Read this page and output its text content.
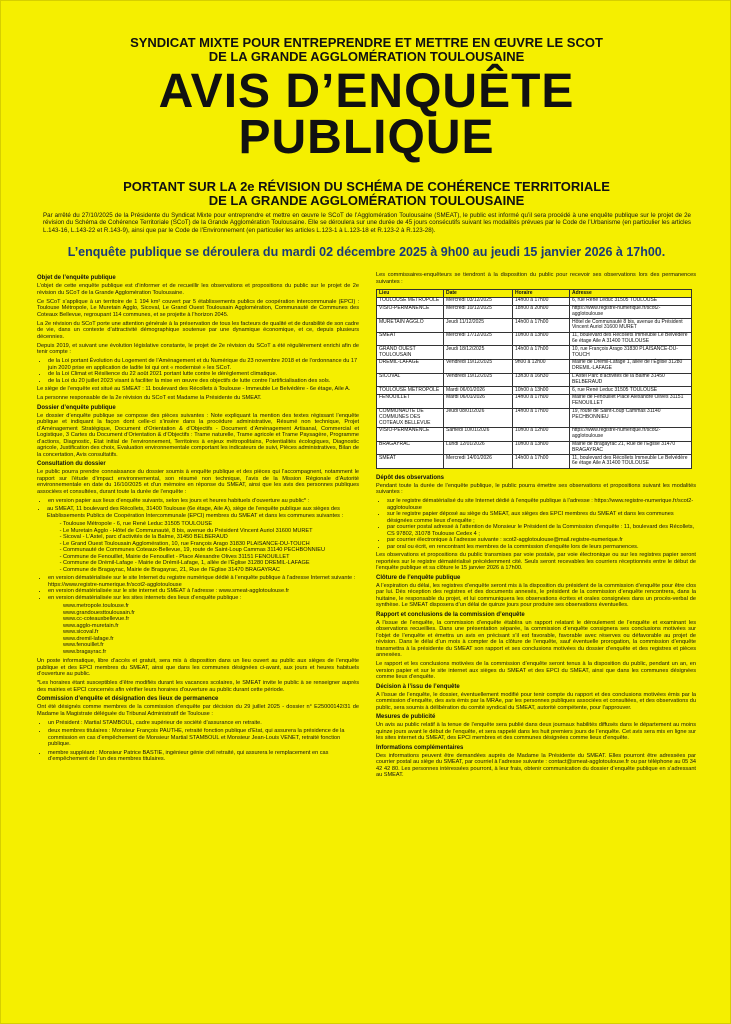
SYNDICAT MIXTE POUR ENTREPRENDRE ET METTRE EN ŒUVRE LE SCOT
DE LA GRANDE AGGLOMÉRATION TOULOUSAINE
AVIS D’ENQUÊTE
PUBLIQUE
PORTANT SUR LA 2e RÉVISION DU SCHÉMA DE COHÉRENCE TERRITORIALE
DE LA GRANDE AGGLOMÉRATION TOULOUSAINE

Par arrêté du 27/10/2025 de la Présidente du Syndicat Mixte pour entreprendre et mettre en œuvre le SCoT de l’Agglomération Toulousaine (SMEAT), le public est informé qu’il sera procédé à une enquête publique sur le projet de 2e révision du Schéma de Cohérence Territoriale (SCoT) de la Grande Agglomération Toulousaine. Elle se déroulera sur une durée de 45 jours consécutifs suivant les modalités prévues par le Code de l’Urbanisme (en particulier les articles L.143-16, L.143-22 et R.143-9), ainsi que par le Code de l’Environnement (en particulier les articles L.123-1 à L.123-18 et R.123-2 à R.123-28).

L’enquête publique se déroulera du mardi 02 décembre 2025 à 9h00 au jeudi 15 janvier 2026 à 17h00.
Objet de l’enquête publique

L’objet de cette enquête publique est d’informer et de recueillir les observations et propositions du public sur le projet de 2e révision du SCoT de la Grande Agglomération Toulousaine.

Ce SCoT s’applique à un territoire de 1 194 km² couvert par 5 établissements publics de coopération intercommunale (EPCI) : Toulouse Métropole, Le Muretain Agglo, Sicoval, Le Grand Ouest Toulousain Agglomération, Communauté de Communes des Coteaux Bellevue, regroupant 114 communes, et se projette à l’horizon 2045.

La 2e révision du SCoT porte une attention générale à la préservation de tous les facteurs de qualité et de durabilité de son cadre de vie, dans un contexte d’attractivité démographique soutenue par une dynamique économique, et ce, depuis plusieurs décennies.

Depuis 2019, et suivant une évolution législative constante, le projet de 2e révision du SCoT a été régulièrement enrichi afin de tenir compte :

• de la Loi portant Évolution du Logement de l’Aménagement et du Numérique du 23 novembre 2018 et de l’ordonnance du 17 juin 2020 prise en application de ladite loi qui ont « modernisé » les SCoT.
• de la Loi Climat et Résilience du 22 août 2021 portant lutte contre le dérèglement climatique.
• de la Loi du 20 juillet 2023 visant à faciliter la mise en œuvre des objectifs de lutte contre l’artificialisation des sols.

Le siège de l’enquête est situé au SMEAT : 11 boulevard des Récollets à Toulouse - Immeuble Le Belvédère - 6e étage, Aile A.

La personne responsable de la 2e révision du SCoT est Madame la Présidente du SMEAT.

Dossier d’enquête publique

Le dossier d’enquête publique se compose des pièces suivantes : Note expliquant la mention des textes régissant l’enquête publique et indiquant la façon dont celle-ci s’insère dans la procédure administrative, Résumé non technique, Projet d’Aménagement Stratégique, Document d’Orientation & d’Objectifs - Document d’Aménagement Artisanal, Commercial et Logistique, 3 Cartes du Document d’Orientation & d’Objectifs : Trame naturelle, Trame agricole et Trame Paysagère, Programme d’actions, Diagnostic, Etat initial de l’environnement, Territoires à enjeux métropolitains, Potentialités écologiques, Diagnostic agricole, Justification des choix, Evaluation environnementale comportant les indicateurs de suivi, Pièces administratives, Bilan de la concertation, Avis consultatifs.

Consultation du dossier

Le public pourra prendre connaissance du dossier soumis à enquête publique et des pièces qui l’accompagnent, notamment le rapport sur l’étude d’impact environnemental, son résumé non technique, l’avis de la Mission Régionale d’Autorité environnementale en date du 16/10/2025 et d’un mémoire en réponse du SMEAT, ainsi que les avis des personnes publiques associées et consultées, durant toute la durée de l’enquête :

• en version papier aux lieux d’enquête suivants, selon les jours et heures habituels d’ouverture au public* :
• au SMEAT, 11 boulevard des Récollets, 31400 Toulouse (6e étage, Aile A), siège de l’enquête publique aux sièges des Etablissements Publics de Coopération Intercommunale (EPCI) membres du SMEAT et dans les communes suivantes :
- Toulouse Métropole - 6, rue René Leduc 31505 TOULOUSE
- Le Muretain Agglo - Hôtel de Communauté, 8 bis, avenue du Président Vincent Auriol 31600 MURET
- Sicoval - L’Astel, parc d’activités de la Balme, 31450 BELBERAUD
- Le Grand Ouest Toulousain Agglomération, 10, rue François Arago 31830 PLAISANCE-DU-TOUCH
- Communauté de Communes Coteaux-Bellevue, 19, route de Saint-Loup Cammas 31140 PECHBONNIEU
- Commune de Fenouillet, Mairie de Fenouillet - Place Alexandre Olives 31151 FENOUILLET
- Commune de Drémil-Lafage - Mairie de Drémil-Lafage, 1, allée de l’Église 31280 DREMIL-LAFAGE
- Commune de Bragayrac, Mairie de Bragayrac, 21, Rue de l’Eglise 31470 BRAGAYRAC
• en version dématérialisée sur le site Internet du registre numérique dédié à l’enquête publique à l’adresse Internet suivante : https://www.registre-numerique.fr/scot2-agglotoulouse
• en version dématérialisée sur le site internet du SMEAT à l’adresse : www.smeat-agglotoulouse.fr
• en version dématérialisée sur les sites internets des lieux d’enquête publique :
www.metropole.toulouse.fr
www.grandouesttoulousain.fr
www.cc-coteauxbellevue.fr
www.agglo-muretain.fr
www.sicoval.fr
www.dremil-lafage.fr
www.fenouillet.fr
www.bragayrac.fr

Un poste informatique, libre d’accès et gratuit, sera mis à disposition dans un lieu ouvert au public aux sièges de l’enquête publique et des EPCI membres du SMEAT, ainsi que dans les communes désignées ci-avant, aux jours et heures habituels d’ouverture au public.

*Les horaires étant susceptibles d’être modifiés durant les vacances scolaires, le SMEAT invite le public à se renseigner auprès des mairies et EPCI concernés afin vérifier leurs horaires d’ouverture au public durant cette période.

Commission d’enquête et désignation des lieux de permanence

Ont été désignés comme membres de la commission d’enquête par décision du 29 juillet 2025 - dossier n° E25000142/31 de Madame la Magistrate déléguée du Tribunal Administratif de Toulouse :

• un Président : Martial STAMBOUL, cadre supérieur de société d’assurance en retraite.
• deux membres titulaires : Monsieur François PAUTHE, retraité fonction publique d’Etat, qui assurera la présidence de la commission en cas d’empêchement de Monsieur Martial STAMBOUL et Monsieur Jean-Louis VENET, retraité fonction publique.
• membre suppléant : Monsieur Patrice BASTIE, ingénieur génie civil retraité, qui assurera le remplacement en cas d’empêchement de l’un des membres titulaires.

Les commissaires-enquêteurs se tiendront à la disposition du public pour recevoir ses observations lors des permanences suivantes :

Lieu	Date	Horaire	Adresse
TOULOUSE METROPOLE	Mercredi 03/12/2025	14h00 à 17h00	6, rue René Leduc 31505 TOULOUSE
VISIO-PERMANENCE	Mercredi 10/12/2025	18h00 à 20h00	https://www.registre-numerique.fr/scot2-agglotoulouse
MURETAIN AGGLO	Jeudi 11/12/2025	14h00 à 17h00	Hôtel de Communauté 8 bis, avenue du Président Vincent Auriol 31600 MURET
SMEAT	Mercredi 17/12/2025	10h00 à 13h00	11, boulevard des Récollets Immeuble Le Belvédère 6e étage Aile A 31400 TOULOUSE
GRAND OUEST TOULOUSAIN	Jeudi 18/12/2025	14h00 à 17h00	10, rue François Arago 31830 PLAISANCE-DU-TOUCH
DREMIL-LAFAGE	Vendredi 19/12/2025	9h00 à 12h00	Mairie de Drémil-Lafage 1, allée de l’Église 31280 DREMIL-LAFAGE
SICOVAL	Vendredi 19/12/2025	13h30 à 16h30	L’Astel Parc d’activités de la Balme 31450 BELBERAUD
TOULOUSE METROPOLE	Mardi 06/01/2026	10h00 à 13h00	6, rue René Leduc 31505 TOULOUSE
FENOUILLET	Mardi 06/01/2026	14h00 à 17h00	Mairie de Fenouillet Place Alexandre Olives 31151 FENOUILLET
COMMUNAUTE DE COMMUNES DES COTEAUX BELLEVUE	Jeudi 08/01/2026	14h00 à 17h00	19, route de Saint-Loup Cammas 31140 PECHBONNIEU
VISIO-PERMANENCE	Samedi 10/01/2026	10h00 à 12h00	https://www.registre-numerique.fr/scot2-agglotoulouse
BRAGAYRAC	Lundi 12/01/2026	10h00 à 13h00	Mairie de Bragayrac 21, Rue de l’Eglise 31470 BRAGAYRAC
SMEAT	Mercredi 14/01/2026	14h00 à 17h00	11, boulevard des Récollets Immeuble Le Belvédère 6e étage Aile A 31400 TOULOUSE
Dépôt des observations

Pendant toute la durée de l’enquête publique, le public pourra émettre ses observations et propositions suivant les modalités suivantes :

• sur le registre dématérialisé du site Internet dédié à l’enquête publique à l’adresse : https://www.registre-numerique.fr/scot2-agglotoulouse
• sur le registre papier déposé au siège du SMEAT, aux sièges des EPCI membres du SMEAT et dans les communes désignées comme lieux d’enquête ;
• par courrier postal adressé à l’attention de Monsieur le Président de la Commission d’enquête : 11, boulevard des Récollets, CS 97802, 31078 Toulouse Cedex 4 ;
• par courrier électronique à l’adresse suivante : scot2-agglotoulouse@mail.registre-numerique.fr
• par oral ou écrit, en rencontrant les membres de la commission d’enquête lors de leurs permanences.

Les observations et propositions du public transmises par voie postale, par voie électronique ou sur les registres papier seront reportées sur le registre dématérialisé précédemment cité. Seuls seront recevables les courriers réceptionnés entre le début de l’enquête publique et sa clôture le 15 janvier 2026 à 17h00.

Clôture de l’enquête publique

A l’expiration du délai, les registres d’enquête seront mis à la disposition du président de la commission d’enquête pour être clos par lui. Dès réception des registres et des documents annexés, le président de la commission d’enquête rencontrera, dans la huitaine, le responsable du projet, et lui communiquera les observations écrites et orales consignées dans un procès-verbal de synthèse. Le SMEAT disposera d’un délai de quinze jours pour produire ses observations éventuelles.

Rapport et conclusions de la commission d’enquête

A l’issue de l’enquête, la commission d’enquête établira un rapport relatant le déroulement de l’enquête et examinant les observations recueillies. Dans une présentation séparée, la commission d’enquête consignera ses conclusions motivées sur l’objet de l’enquête et émettra un avis en précisant s’il est favorable, favorable avec réserves ou défavorable au projet de révision. Dans le délai d’un mois à compter de la clôture de l’enquête, sauf éventuelle prorogation, la commission d’enquête transmettra à la présidente du SMEAT son rapport et ses conclusions motivées du dossier d’enquête et des registres et pièces annexées.

Le rapport et les conclusions motivées de la commission d’enquête seront tenus à la disposition du public, pendant un an, en version papier et sur le site internet aux sièges du SMEAT et des EPCI du SMEAT, ainsi que dans les communes désignées comme lieux d’enquête.

Décision à l’issu de l’enquête

A l’issue de l’enquête, le dossier, éventuellement modifié pour tenir compte du rapport et des conclusions motivées émis par la commission d’enquête, des avis émis par la MRAe, par les personnes publiques associées et consultées, et des observations du public, sera soumis à délibération du comité syndical du SMEAT, autorité compétente, pour l’approuver.

Mesures de publicité

Un avis au public relatif à la tenue de l’enquête sera publié dans deux journaux habilités diffusés dans le département au moins quinze jours avant le début de l’enquête, et sera rappelé dans les huit premiers jours de l’enquête. Cet avis sera mis en ligne sur les sites internet du SMEAT, des EPCI membres et des communes désignées comme lieux d’enquête.

Informations complémentaires

Des informations peuvent être demandées auprès de Madame la Présidente du SMEAT. Elles pourront être adressées par courrier postal au siège du SMEAT, par courriel à l’adresse suivante : contact@smeat-agglotoulouse.fr ou par téléphone au 05 34 42 42 80. Les personnes intéressées pourront, à leur frais, obtenir communication du dossier d’enquête publique en s’adressant au SMEAT.
